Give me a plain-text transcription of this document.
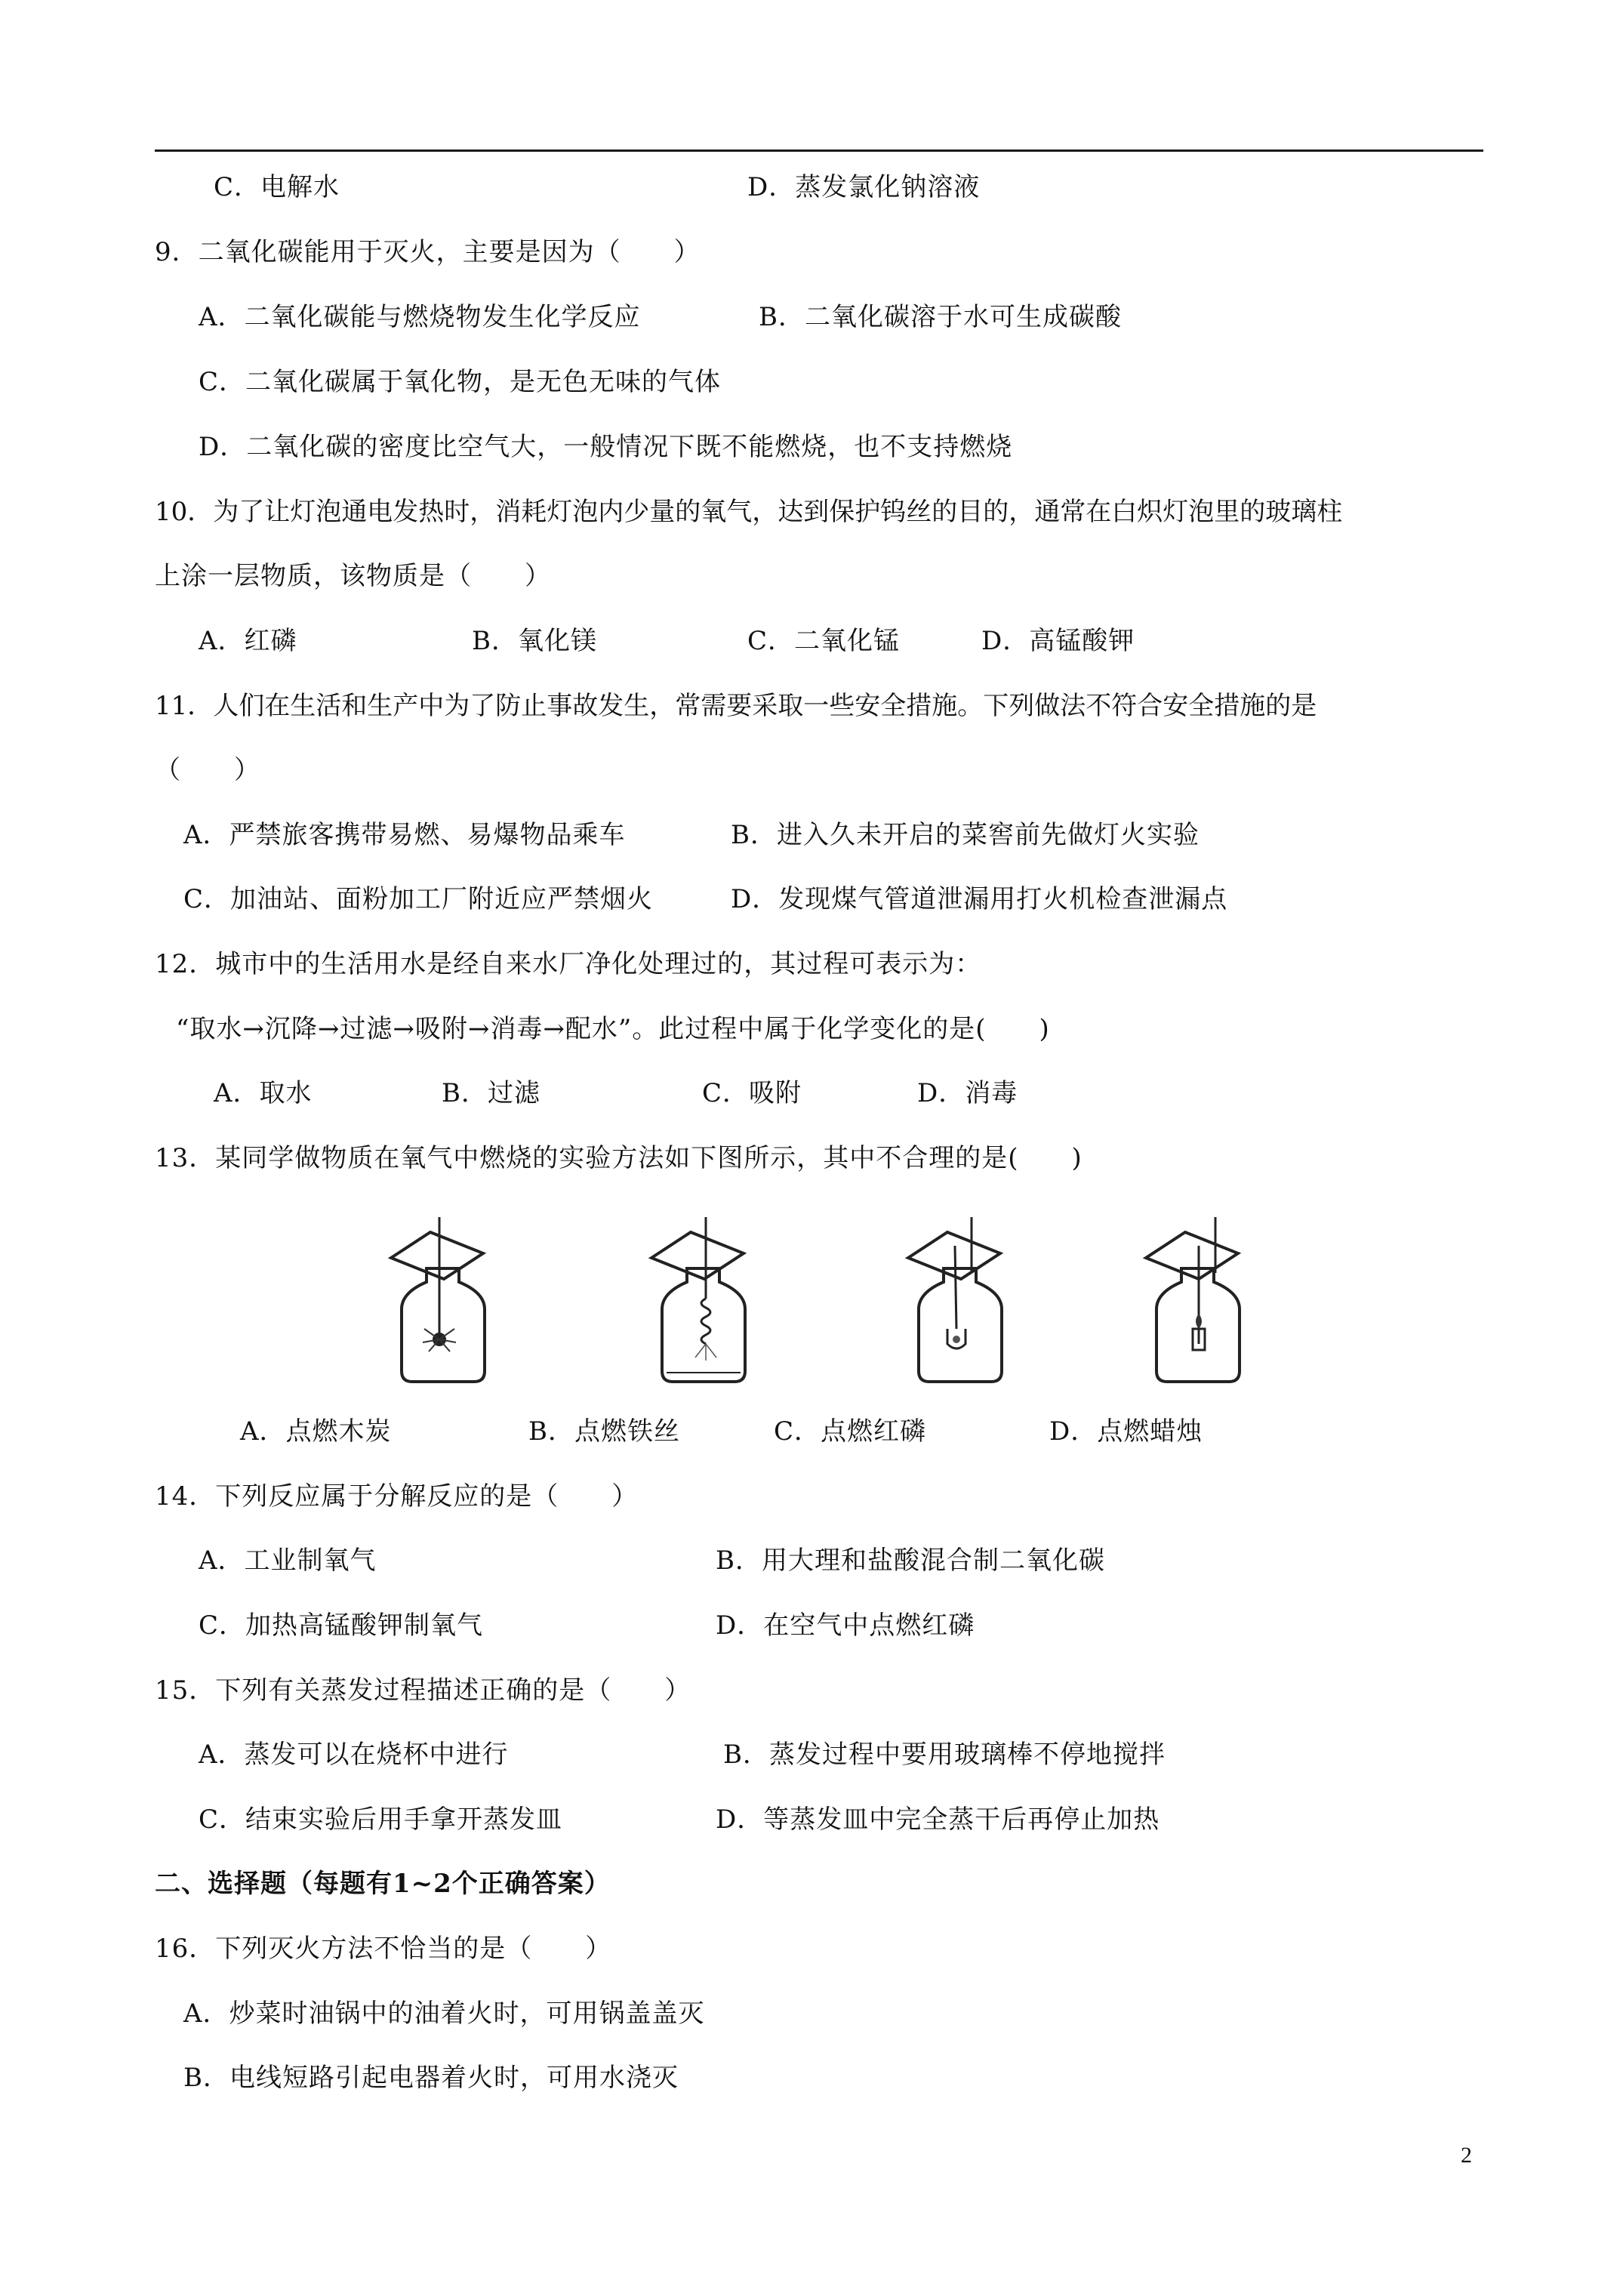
C．电解水	D．蒸发氯化钠溶液
9．二氧化碳能用于灭火，主要是因为（　　）
A．二氧化碳能与燃烧物发生化学反应	B．二氧化碳溶于水可生成碳酸
C．二氧化碳属于氧化物，是无色无味的气体
D．二氧化碳的密度比空气大，一般情况下既不能燃烧，也不支持燃烧
10．为了让灯泡通电发热时，消耗灯泡内少量的氧气，达到保护钨丝的目的，通常在白炽灯泡里的玻璃柱
上涂一层物质，该物质是（　　）
A．红磷	B．氧化镁	C．二氧化锰	D．高锰酸钾
11．人们在生活和生产中为了防止事故发生，常需要采取一些安全措施。下列做法不符合安全措施的是
（　　）
A．严禁旅客携带易燃、易爆物品乘车	B．进入久未开启的菜窖前先做灯火实验
C．加油站、面粉加工厂附近应严禁烟火	D．发现煤气管道泄漏用打火机检查泄漏点
12．城市中的生活用水是经自来水厂净化处理过的，其过程可表示为：
“取水→沉降→过滤→吸附→消毒→配水”。此过程中属于化学变化的是(　　)
A．取水	B．过滤	C．吸附	D．消毒
13．某同学做物质在氧气中燃烧的实验方法如下图所示，其中不合理的是(　　)
A．点燃木炭	B．点燃铁丝	C．点燃红磷	D．点燃蜡烛
14．下列反应属于分解反应的是（　　）
A．工业制氧气	B．用大理和盐酸混合制二氧化碳
C．加热高锰酸钾制氧气	D．在空气中点燃红磷
15．下列有关蒸发过程描述正确的是（　　）
A．蒸发可以在烧杯中进行	B．蒸发过程中要用玻璃棒不停地搅拌
C．结束实验后用手拿开蒸发皿	D．等蒸发皿中完全蒸干后再停止加热
二、选择题（每题有1~2个正确答案）
16．下列灭火方法不恰当的是（　　）
A．炒菜时油锅中的油着火时，可用锅盖盖灭
B．电线短路引起电器着火时，可用水浇灭
2
